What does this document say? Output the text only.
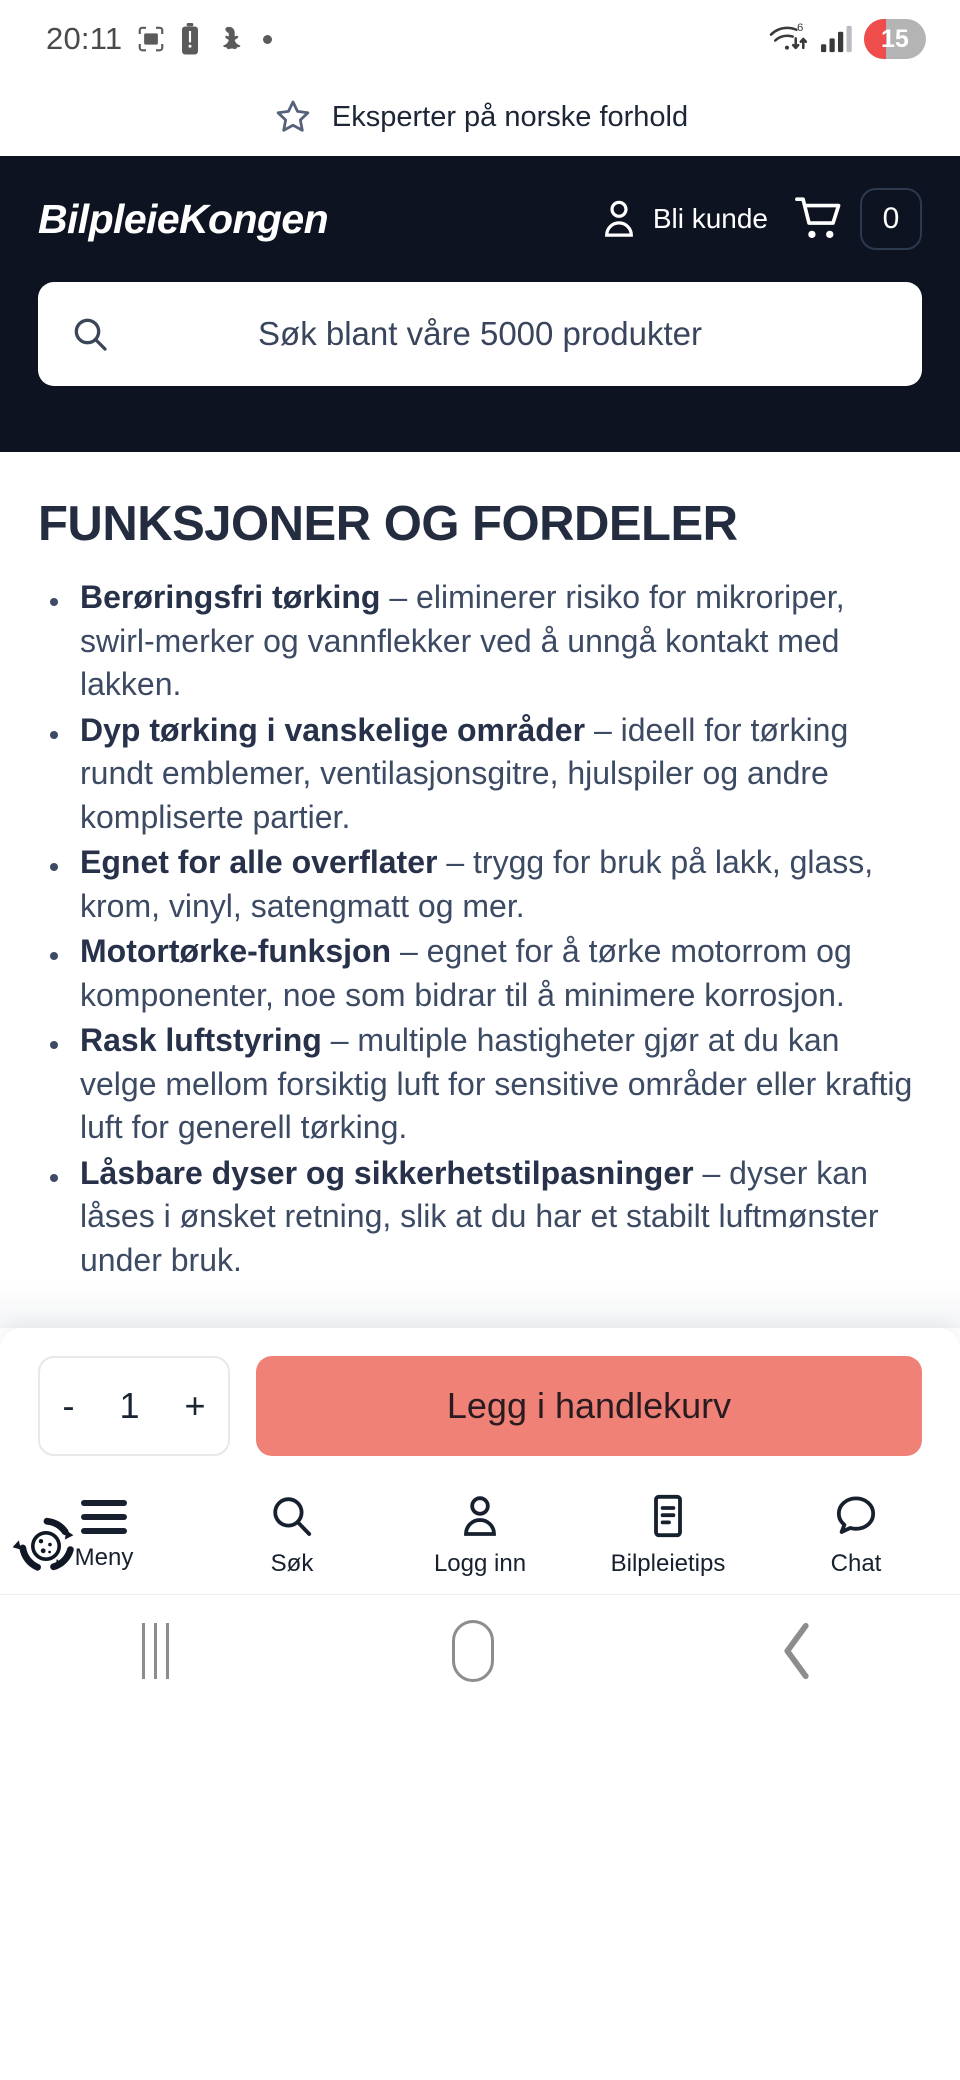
20:11	6	15
Eksperter på norske forhold
BilpleieKongen	Bli kunde	0
Søk blant våre 5000 produkter
FUNKSJONER OG FORDELER
Berøringsfri tørking – eliminerer risiko for mikroriper, swirl-merker og vannflekker ved å unngå kontakt med lakken.
Dyp tørking i vanskelige områder – ideell for tørking rundt emblemer, ventilasjonsgitre, hjulspiler og andre kompliserte partier.
Egnet for alle overflater – trygg for bruk på lakk, glass, krom, vinyl, satengmatt og mer.
Motortørke-funksjon – egnet for å tørke motorrom og komponenter, noe som bidrar til å minimere korrosjon.
Rask luftstyring – multiple hastigheter gjør at du kan velge mellom forsiktig luft for sensitive områder eller kraftig luft for generell tørking.
Låsbare dyser og sikkerhetstilpasninger – dyser kan låses i ønsket retning, slik at du har et stabilt luftmønster under bruk.
- 1 +	Legg i handlekurv
Meny	Søk	Logg inn	Bilpleietips	Chat
